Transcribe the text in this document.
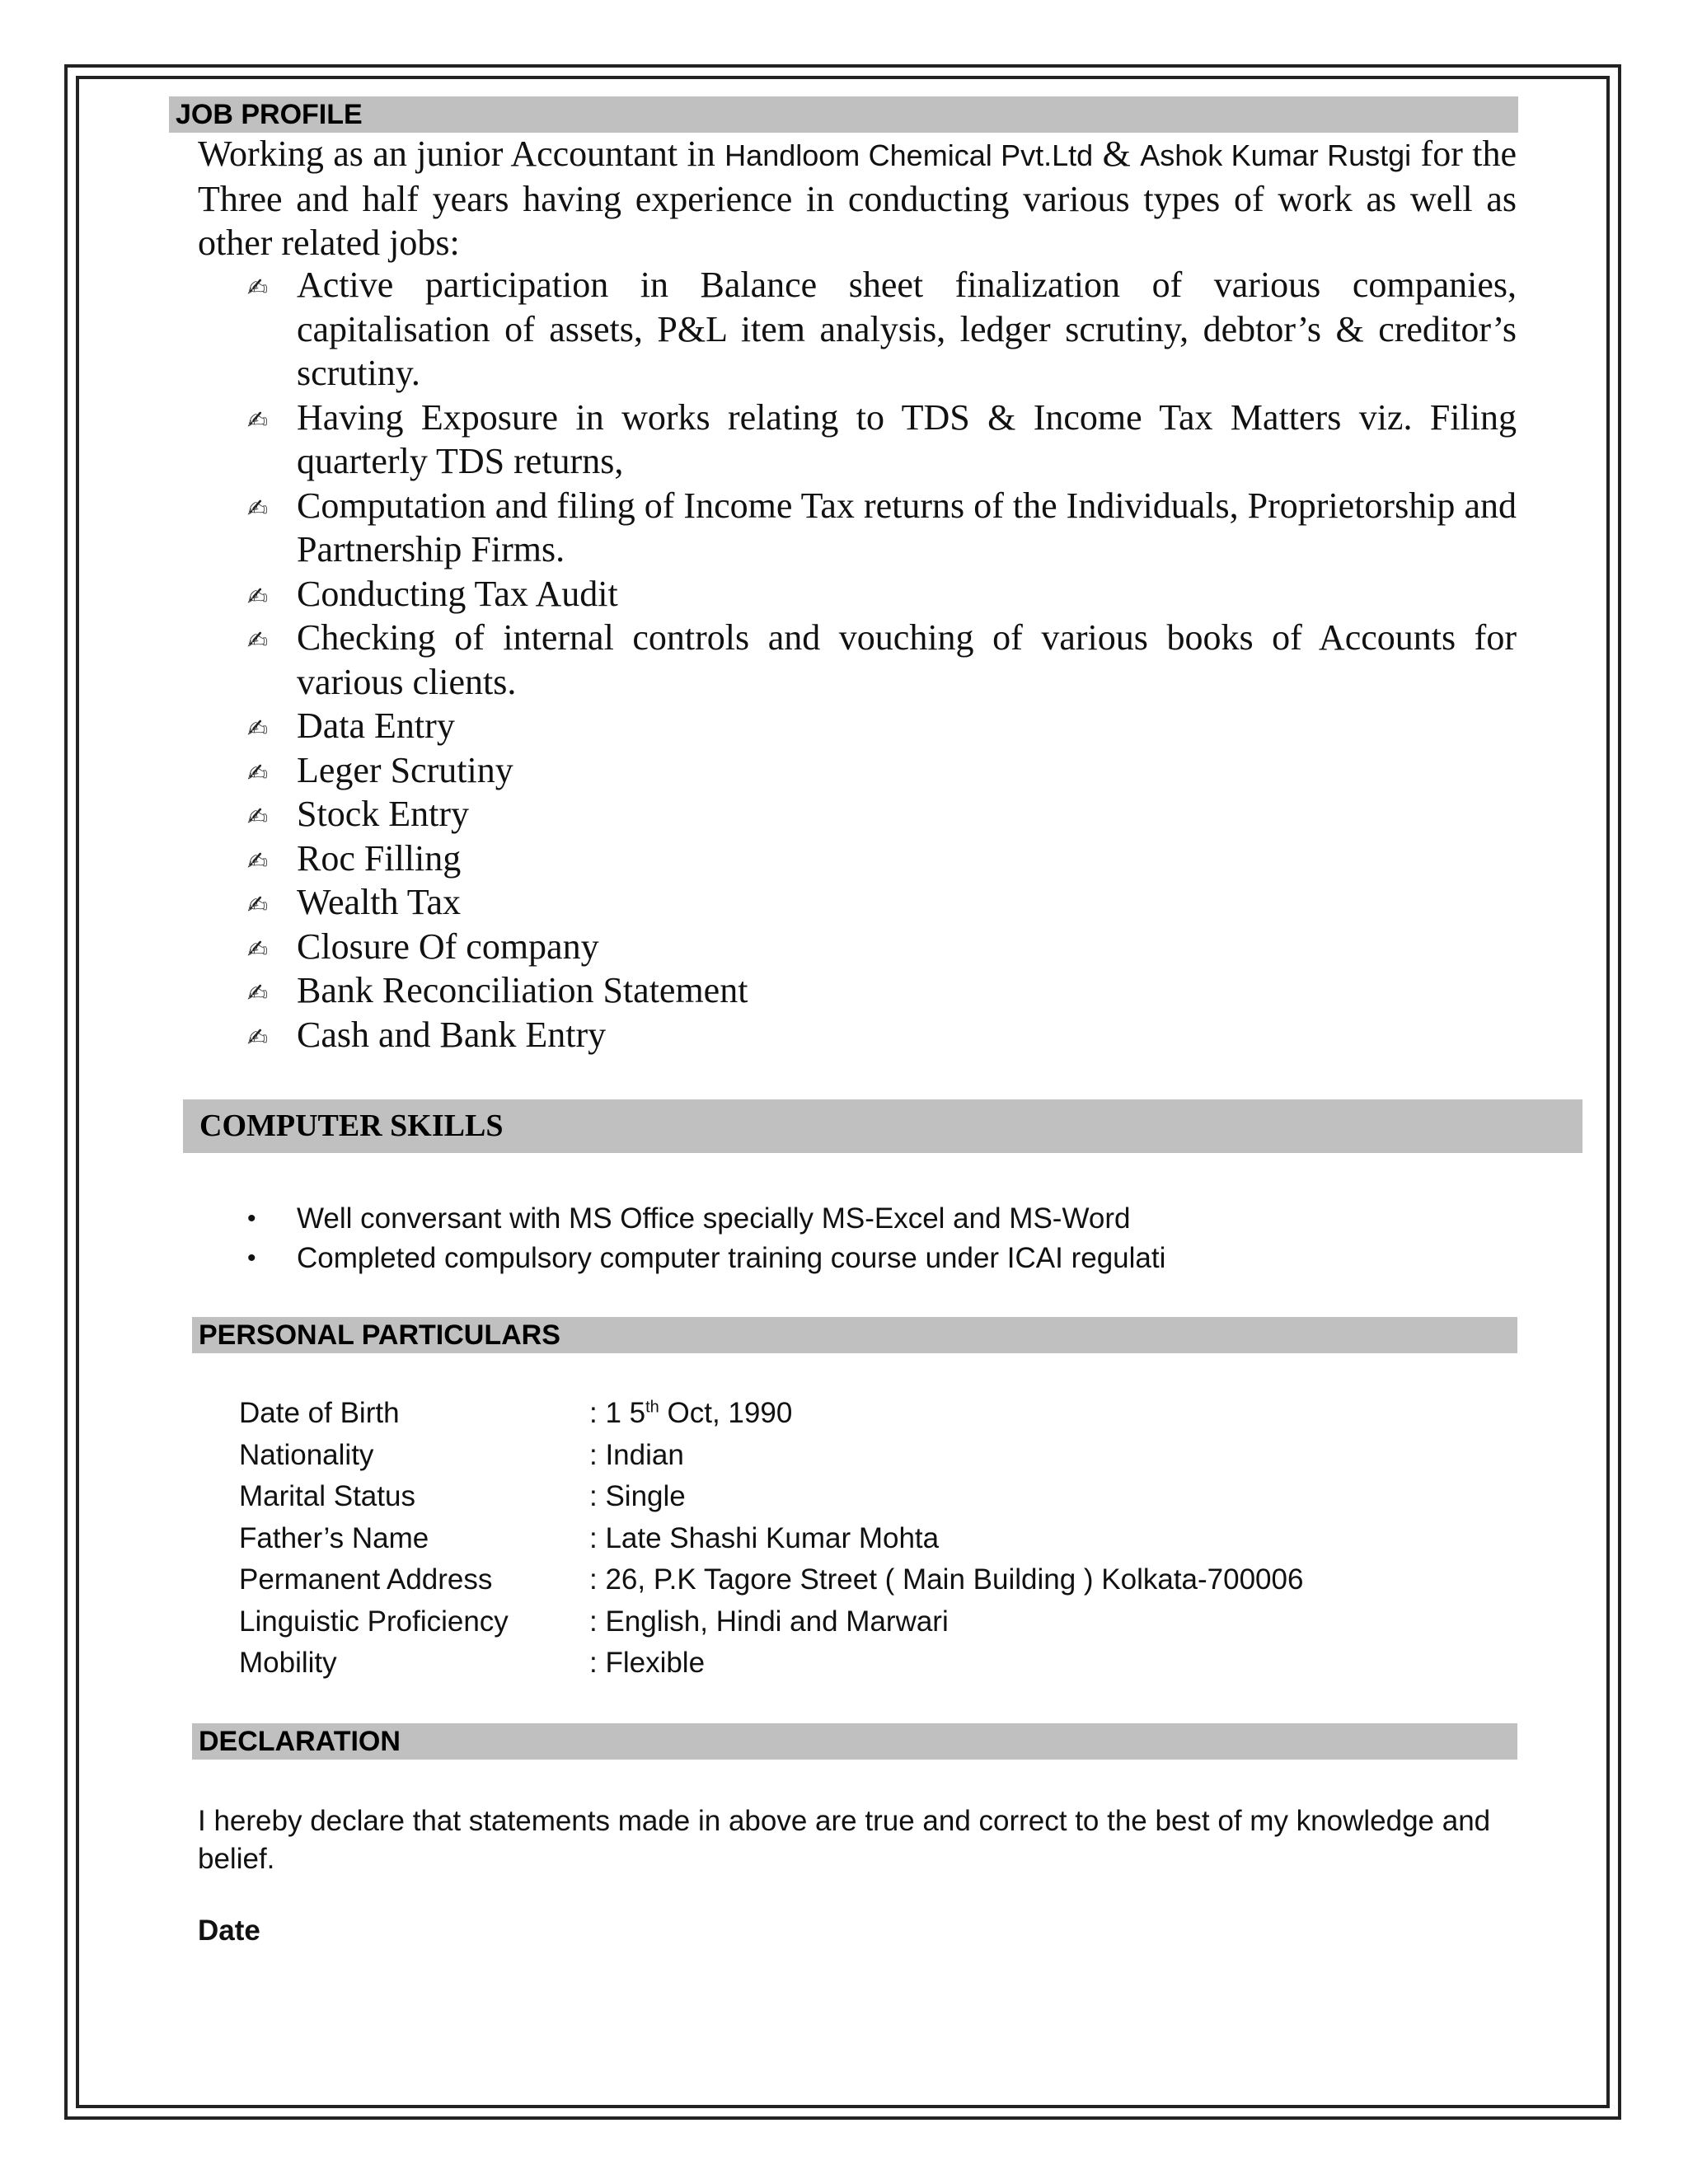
JOB PROFILE
Working as an junior Accountant in Handloom Chemical Pvt.Ltd & Ashok Kumar Rustgi for the Three and half years having experience in conducting various types of work as well as other related jobs:
✍ Active participation in Balance sheet finalization of various companies, capitalisation of assets, P&L item analysis, ledger scrutiny, debtor’s & creditor’s scrutiny.
✍ Having Exposure in works relating to TDS & Income Tax Matters viz. Filing quarterly TDS returns,
✍ Computation and filing of Income Tax returns of the Individuals, Proprietorship and Partnership Firms.
✍ Conducting Tax Audit
✍ Checking of internal controls and vouching of various books of Accounts for various clients.
✍ Data Entry
✍ Leger Scrutiny
✍ Stock Entry
✍ Roc Filling
✍ Wealth Tax
✍ Closure Of company
✍ Bank Reconciliation Statement
✍ Cash and Bank Entry
COMPUTER SKILLS
• Well conversant with MS Office specially MS-Excel and MS-Word
• Completed compulsory computer training course under ICAI regulati
PERSONAL PARTICULARS
Date of Birth	: 1 5th Oct, 1990
Nationality	: Indian
Marital Status	: Single
Father’s Name	: Late Shashi Kumar Mohta
Permanent Address	: 26, P.K Tagore Street ( Main Building ) Kolkata-700006
Linguistic Proficiency	: English, Hindi and Marwari
Mobility	: Flexible
DECLARATION
I hereby declare that statements made in above are true and correct to the best of my knowledge and belief.
Date
